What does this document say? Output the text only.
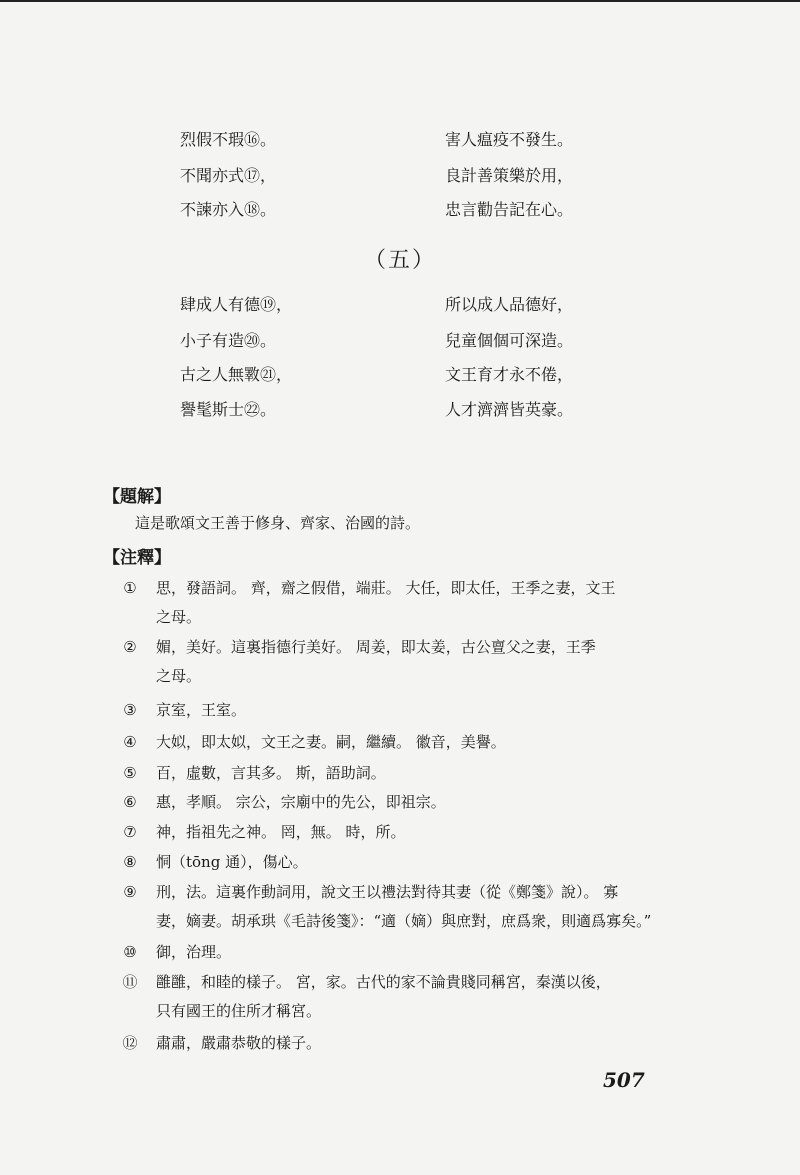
烈假不瑕⑯。	害人瘟疫不發生。
不聞亦式⑰，	良計善策樂於用，
不諫亦入⑱。	忠言勸告記在心。
（五）
肆成人有德⑲，	所以成人品德好，
小子有造⑳。	兒童個個可深造。
古之人無斁㉑，	文王育才永不倦，
譽髦斯士㉒。	人才濟濟皆英豪。
【題解】
這是歌頌文王善于修身、齊家、治國的詩。
【注釋】
① 思，發語詞。 齊，齋之假借，端莊。 大任，即太任，王季之妻，文王
之母。
② 媚，美好。這裏指德行美好。 周姜，即太姜，古公亶父之妻，王季
之母。
③ 京室，王室。
④ 大姒，即太姒，文王之妻。嗣，繼續。 徽音，美譽。
⑤ 百，虛數，言其多。 斯，語助詞。
⑥ 惠，孝順。 宗公，宗廟中的先公，即祖宗。
⑦ 神，指祖先之神。 罔，無。 時，所。
⑧ 恫（tōng 通），傷心。
⑨ 刑，法。這裏作動詞用，說文王以禮法對待其妻（從《鄭箋》說）。 寡
妻，嫡妻。胡承珙《毛詩後箋》：“適（嫡）與庶對，庶爲衆，則適爲寡矣。”
⑩ 御，治理。
⑪ 雝雝，和睦的樣子。 宮，家。古代的家不論貴賤同稱宮，秦漢以後，
只有國王的住所才稱宮。
⑫ 肅肅，嚴肅恭敬的樣子。
507
